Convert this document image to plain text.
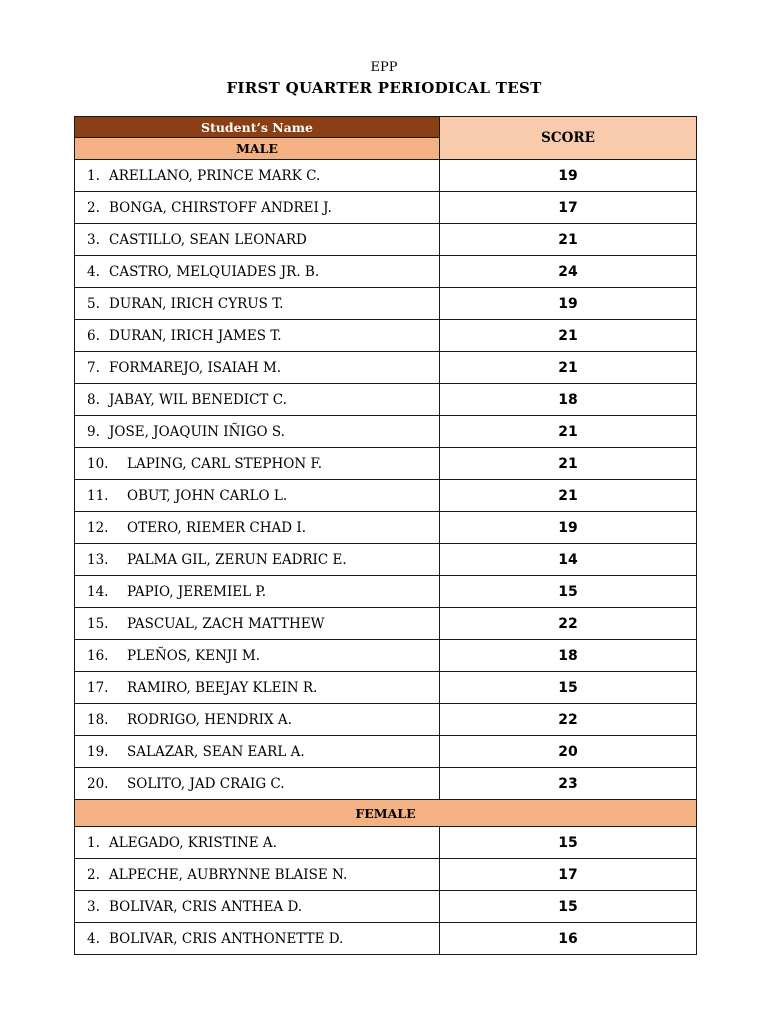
EPP
FIRST QUARTER PERIODICAL TEST
Student’s Name	SCORE
MALE	
1. ARELLANO, PRINCE MARK C.	19
2. BONGA, CHIRSTOFF ANDREI J.	17
3. CASTILLO, SEAN LEONARD	21
4. CASTRO, MELQUIADES JR. B.	24
5. DURAN, IRICH CYRUS T.	19
6. DURAN, IRICH JAMES T.	21
7. FORMAREJO, ISAIAH M.	21
8. JABAY, WIL BENEDICT C.	18
9. JOSE, JOAQUIN IÑIGO S.	21
10. LAPING, CARL STEPHON F.	21
11. OBUT, JOHN CARLO L.	21
12. OTERO, RIEMER CHAD I.	19
13. PALMA GIL, ZERUN EADRIC E.	14
14. PAPIO, JEREMIEL P.	15
15. PASCUAL, ZACH MATTHEW	22
16. PLEÑOS, KENJI M.	18
17. RAMIRO, BEEJAY KLEIN R.	15
18. RODRIGO, HENDRIX A.	22
19. SALAZAR, SEAN EARL A.	20
20. SOLITO, JAD CRAIG C.	23
FEMALE	
1. ALEGADO, KRISTINE A.	15
2. ALPECHE, AUBRYNNE BLAISE N.	17
3. BOLIVAR, CRIS ANTHEA D.	15
4. BOLIVAR, CRIS ANTHONETTE D.	16
